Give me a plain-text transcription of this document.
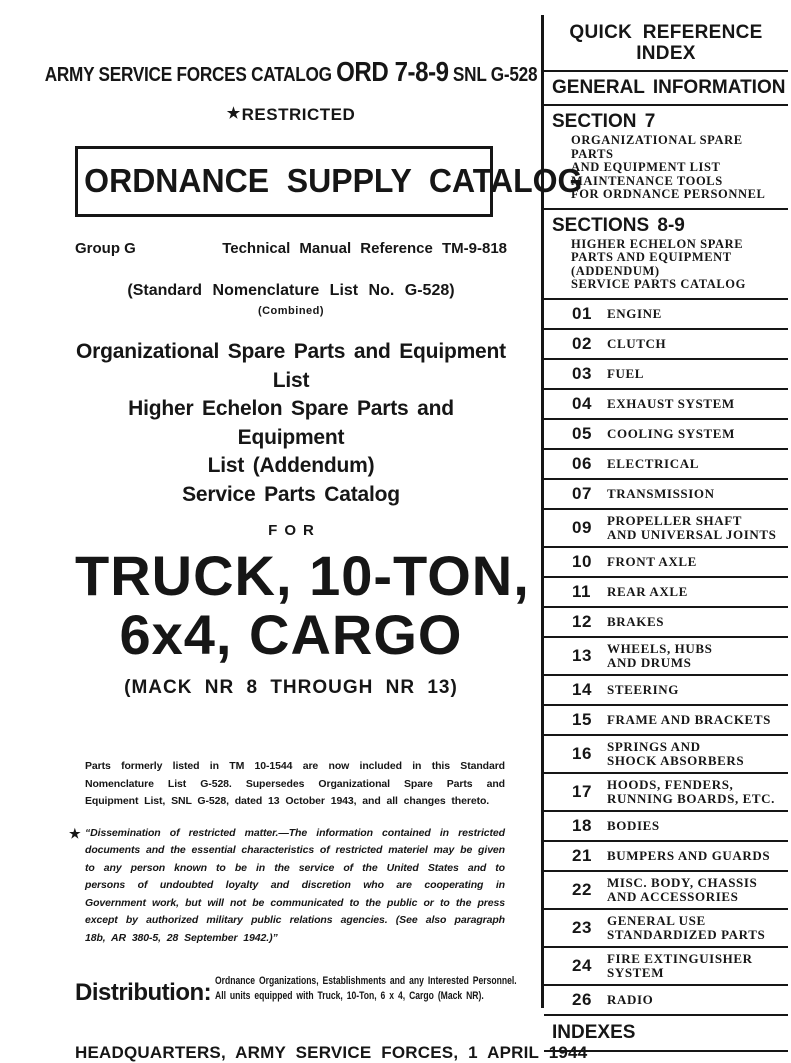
ARMY SERVICE FORCES CATALOG ORD 7-8-9 SNL G-528
★RESTRICTED
ORDNANCE SUPPLY CATALOG
Group G	Technical Manual Reference TM-9-818
(Standard Nomenclature List No. G-528)
(Combined)
Organizational Spare Parts and Equipment List
Higher Echelon Spare Parts and Equipment
List (Addendum)
Service Parts Catalog
FOR
TRUCK, 10-TON,
6x4, CARGO
(MACK NR 8 THROUGH NR 13)
Parts formerly listed in TM 10-1544 are now included in this Standard Nomenclature List G-528. Supersedes Organizational Spare Parts and Equipment List, SNL G-528, dated 13 October 1943, and all changes thereto.
★ “Dissemination of restricted matter.—The information contained in restricted documents and the essential characteristics of restricted materiel may be given to any person known to be in the service of the United States and to persons of undoubted loyalty and discretion who are cooperating in Government work, but will not be communicated to the public or to the press except by authorized military public relations agencies. (See also paragraph 18b, AR 380-5, 28 September 1942.)”
Distribution: Ordnance Organizations, Establishments and any Interested Personnel.
All units equipped with Truck, 10-Ton, 6 x 4, Cargo (Mack NR).
HEADQUARTERS, ARMY SERVICE FORCES, 1 APRIL 1944
QUICK REFERENCE
INDEX
GENERAL INFORMATION
SECTION 7
ORGANIZATIONAL SPARE PARTS
AND EQUIPMENT LIST
MAINTENANCE TOOLS
FOR ORDNANCE PERSONNEL
SECTIONS 8-9
HIGHER ECHELON SPARE
PARTS AND EQUIPMENT
(ADDENDUM)
SERVICE PARTS CATALOG
01	ENGINE
02	CLUTCH
03	FUEL
04	EXHAUST SYSTEM
05	COOLING SYSTEM
06	ELECTRICAL
07	TRANSMISSION
09	PROPELLER SHAFT
AND UNIVERSAL JOINTS
10	FRONT AXLE
11	REAR AXLE
12	BRAKES
13	WHEELS, HUBS
AND DRUMS
14	STEERING
15	FRAME AND BRACKETS
16	SPRINGS AND
SHOCK ABSORBERS
17	HOODS, FENDERS,
RUNNING BOARDS, ETC.
18	BODIES
21	BUMPERS AND GUARDS
22	MISC. BODY, CHASSIS
AND ACCESSORIES
23	GENERAL USE
STANDARDIZED PARTS
24	FIRE EXTINGUISHER
SYSTEM
26	RADIO
INDEXES
